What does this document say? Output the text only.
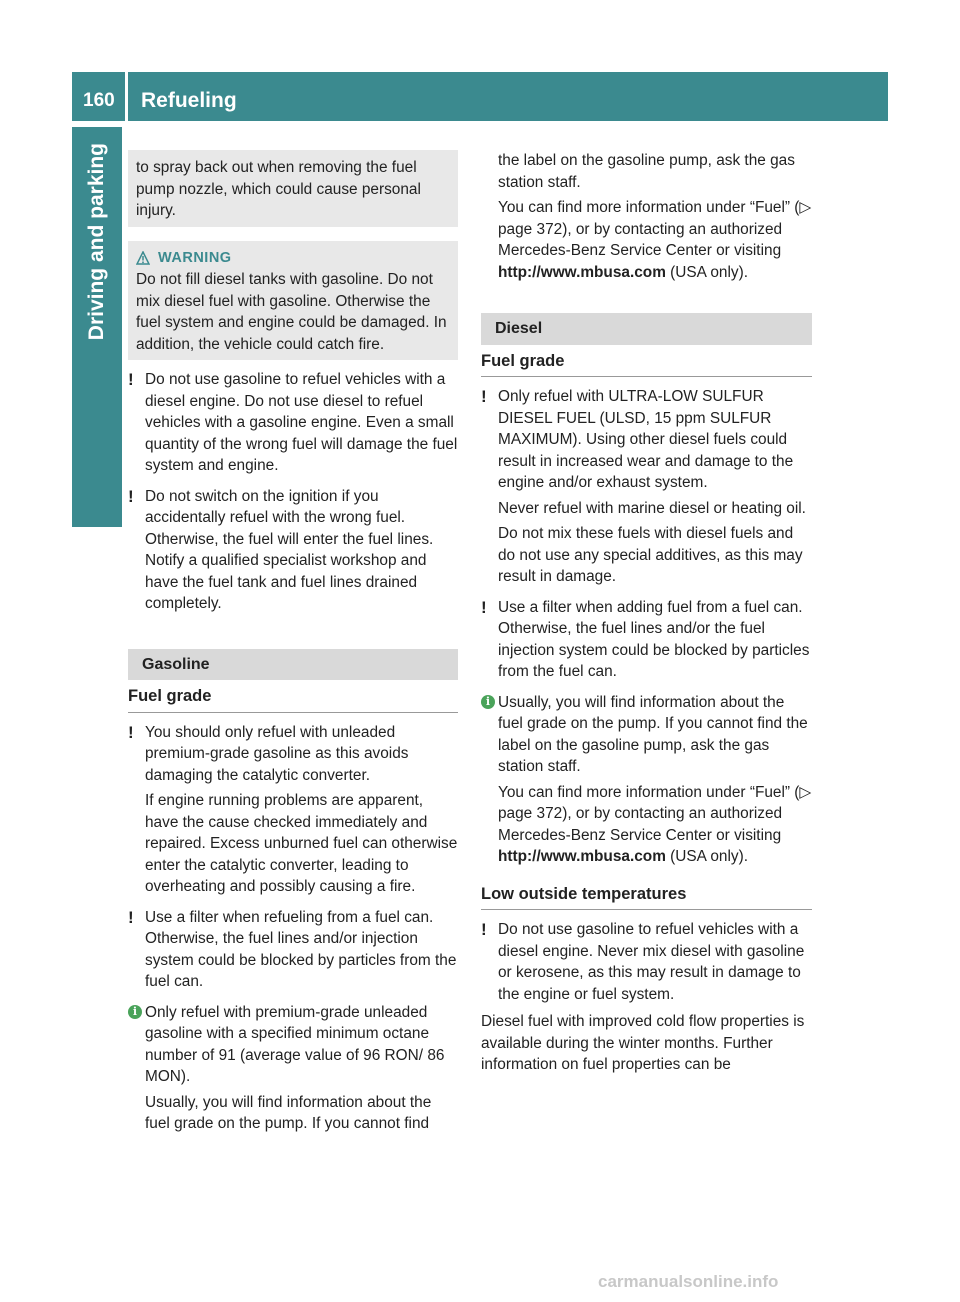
160 Refueling
Driving and parking	to spray back out when removing the fuel pump nozzle, which could cause personal injury.
WARNING
Do not fill diesel tanks with gasoline. Do not mix diesel fuel with gasoline. Otherwise the fuel system and engine could be damaged. In addition, the vehicle could catch fire.
! Do not use gasoline to refuel vehicles with a diesel engine. Do not use diesel to refuel vehicles with a gasoline engine. Even a small quantity of the wrong fuel will damage the fuel system and engine.

! Do not switch on the ignition if you accidentally refuel with the wrong fuel. Otherwise, the fuel will enter the fuel lines. Notify a qualified specialist workshop and have the fuel tank and fuel lines drained completely.

Gasoline
Fuel grade
! You should only refuel with unleaded premium-grade gasoline as this avoids damaging the catalytic converter.

If engine running problems are apparent, have the cause checked immediately and repaired. Excess unburned fuel can otherwise enter the catalytic converter, leading to overheating and possibly causing a fire.

! Use a filter when refueling from a fuel can. Otherwise, the fuel lines and/or injection system could be blocked by particles from the fuel can.

i Only refuel with premium-grade unleaded gasoline with a specified minimum octane number of 91 (average value of 96 RON/ 86 MON).

Usually, you will find information about the fuel grade on the pump. If you cannot find

the label on the gasoline pump, ask the gas station staff.

You can find more information under “Fuel” (▷ page 372), or by contacting an authorized Mercedes-Benz Service Center or visiting http://www.mbusa.com (USA only).

Diesel
Fuel grade
! Only refuel with ULTRA-LOW SULFUR DIESEL FUEL (ULSD, 15 ppm SULFUR MAXIMUM). Using other diesel fuels could result in increased wear and damage to the engine and/or exhaust system.

Never refuel with marine diesel or heating oil.

Do not mix these fuels with diesel fuels and do not use any special additives, as this may result in damage.

! Use a filter when adding fuel from a fuel can. Otherwise, the fuel lines and/or the fuel injection system could be blocked by particles from the fuel can.

i Usually, you will find information about the fuel grade on the pump. If you cannot find the label on the gasoline pump, ask the gas station staff.

You can find more information under “Fuel” (▷ page 372), or by contacting an authorized Mercedes-Benz Service Center or visiting http://www.mbusa.com (USA only).

Low outside temperatures
! Do not use gasoline to refuel vehicles with a diesel engine. Never mix diesel with gasoline or kerosene, as this may result in damage to the engine or fuel system.

Diesel fuel with improved cold flow properties is available during the winter months. Further information on fuel properties can be
carmanualsonline.info
